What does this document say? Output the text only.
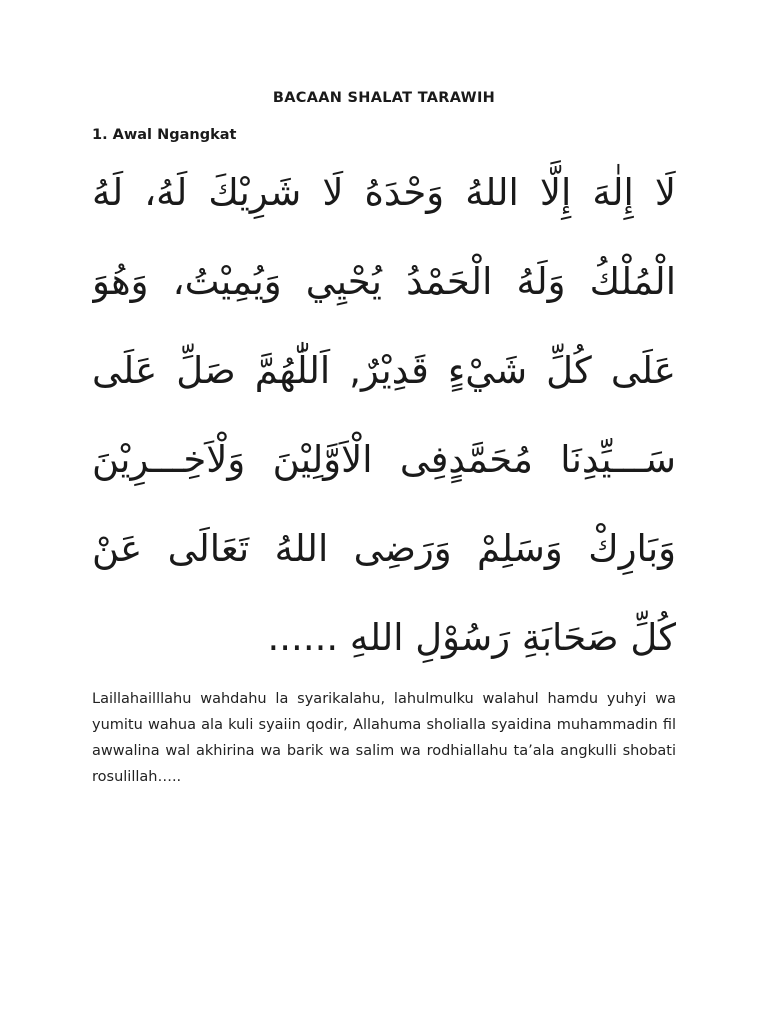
BACAAN SHALAT TARAWIH
1. Awal Ngangkat
لَا إِلٰهَ إِلَّا اللهُ وَحْدَهُ لَا شَرِيْكَ لَهُ، لَهُ
الْمُلْكُ وَلَهُ الْحَمْدُ يُحْيِي وَيُمِيْتُ، وَهُوَ
عَلَى كُلِّ شَيْءٍ قَدِيْرٌ, اَللّٰهُمَّ صَلِّ عَلَى
سَـــيِّدِنَا مُحَمَّدٍفِى الْاَوَّلِيْنَ وَلْاَخِـــرِيْنَ
وَبَارِكْ وَسَلِمْ وَرَضِى اللهُ تَعَالَى عَنْ
كُلِّ صَحَابَةِ رَسُوْلِ اللهِ ......

Laillahailllahu wahdahu la syarikalahu, lahulmulku walahul hamdu yuhyi wa yumitu wahua ala kuli syaiin qodir, Allahuma sholialla syaidina muhammadin fil awwalina wal akhirina wa barik wa salim wa rodhiallahu ta’ala angkulli shobati rosulillah…..
